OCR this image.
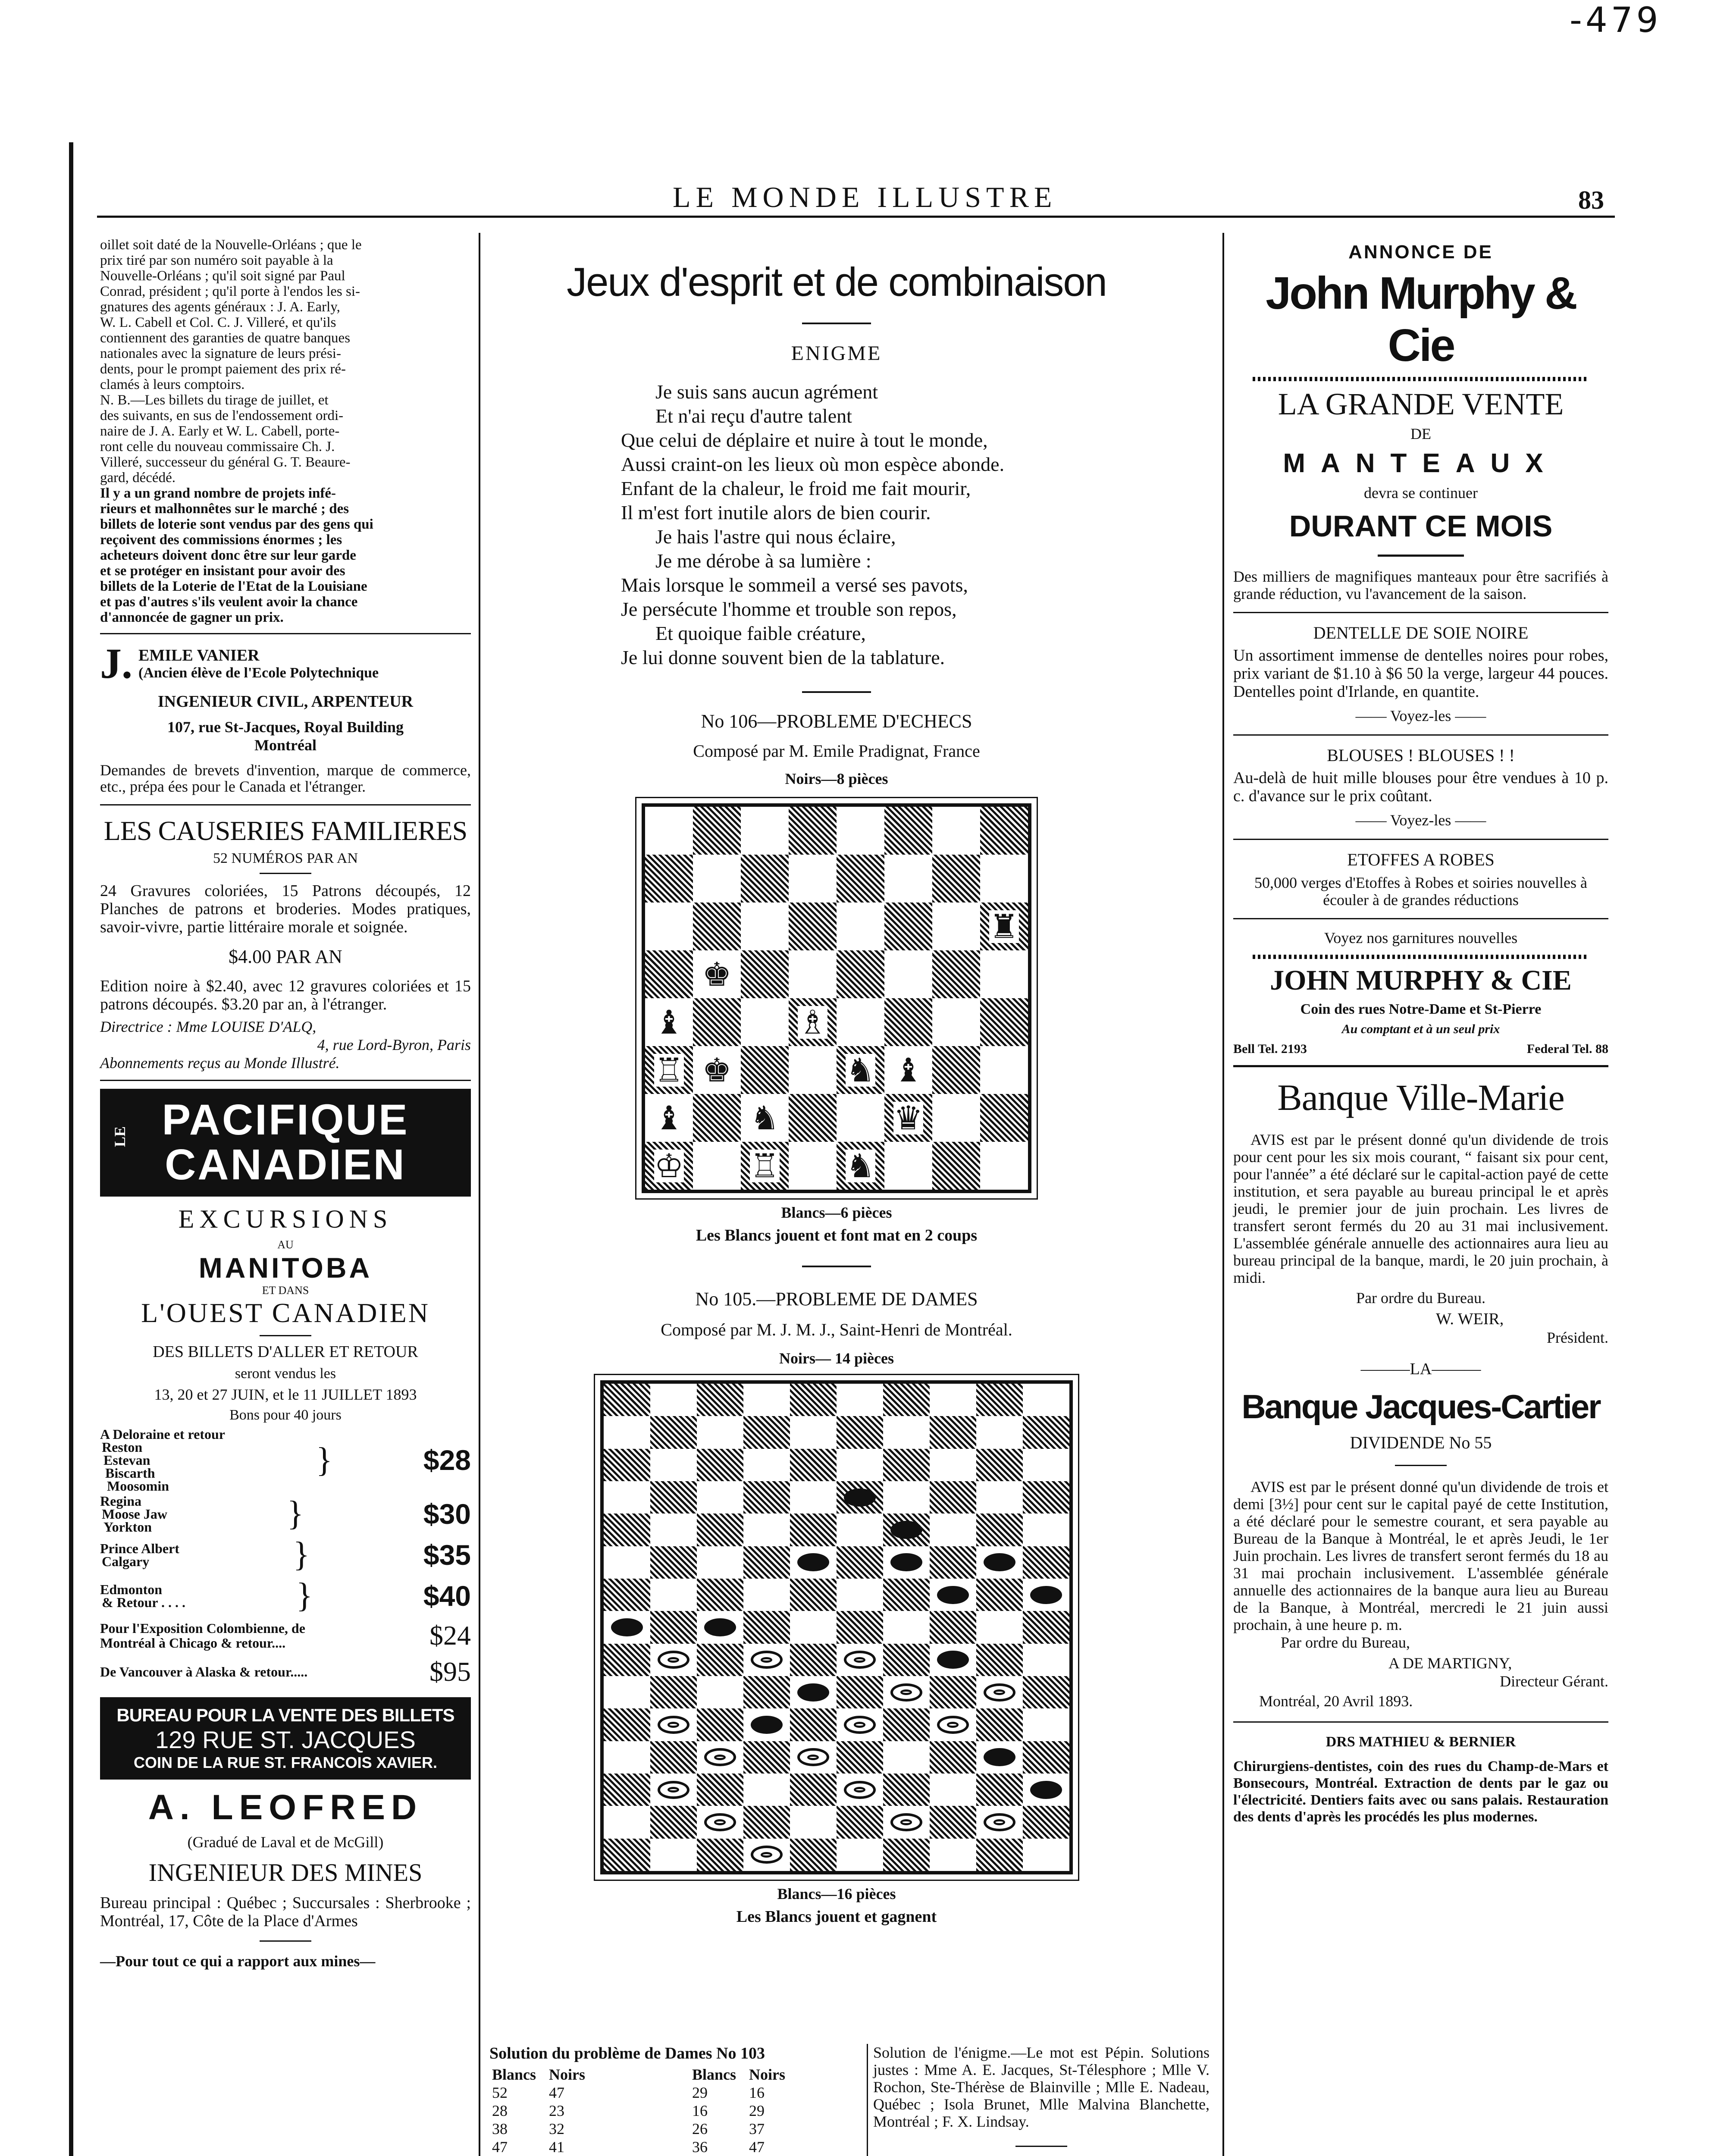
-479
LE MONDE ILLUSTRE	83
oillet soit daté de la Nouvelle-Orléans ; que le
prix tiré par son numéro soit payable à la
Nouvelle-Orléans ; qu'il soit signé par Paul
Conrad, président ; qu'il porte à l'endos les si-
gnatures des agents généraux : J. A. Early,
W. L. Cabell et Col. C. J. Villeré, et qu'ils
contiennent des garanties de quatre banques
nationales avec la signature de leurs prési-
dents, pour le prompt paiement des prix ré-
clamés à leurs comptoirs.
N. B.—Les billets du tirage de juillet, et
des suivants, en sus de l'endossement ordi-
naire de J. A. Early et W. L. Cabell, porte-
ront celle du nouveau commissaire Ch. J.
Villeré, successeur du général G. T. Beaure-
gard, décédé.
Il y a un grand nombre de projets infé-
rieurs et malhonnêtes sur le marché ; des
billets de loterie sont vendus par des gens qui
reçoivent des commissions énormes ; les
acheteurs doivent donc être sur leur garde
et se protéger en insistant pour avoir des
billets de la Loterie de l'Etat de la Louisiane
et pas d'autres s'ils veulent avoir la chance
d'annoncée de gagner un prix.
J. EMILE VANIER
(Ancien élève de l'Ecole Polytechnique
INGENIEUR CIVIL, ARPENTEUR
107, rue St-Jacques, Royal Building
Montréal
Demandes de brevets d'invention, marque de commerce, etc., prépa ées pour le Canada et l'étranger.
LES CAUSERIES FAMILIERES
52 NUMÉROS PAR AN
24 Gravures coloriées, 15 Patrons découpés, 12 Planches de patrons et broderies. Modes pratiques, savoir-vivre, partie littéraire morale et soignée.
$4.00 PAR AN
Edition noire à $2.40, avec 12 gravures coloriées et 15 patrons découpés. $3.20 par an, à l'étranger.
Directrice : Mme LOUISE D'ALQ,
4, rue Lord-Byron, Paris
Abonnements reçus au Monde Illustré.
LE PACIFIQUE
CANADIEN
EXCURSIONS
AU
MANITOBA
ET DANS
L'OUEST CANADIEN
DES BILLETS D'ALLER ET RETOUR
seront vendus les
13, 20 et 27 JUIN, et le 11 JUILLET 1893
Bons pour 40 jours
A Deloraine et retour
Reston
Estevan
Biscarth
Moosomin
}	$28
Regina
Moose Jaw
Yorkton	}	$30
Prince Albert
Calgary	}	$35
Edmonton
& Retour . . . .	}	$40
Pour l'Exposition Colombienne, de Montréal à Chicago & retour....	$24
De Vancouver à Alaska & retour.....	$95
BUREAU POUR LA VENTE DES BILLETS
129 RUE ST. JACQUES
COIN DE LA RUE ST. FRANCOIS XAVIER.
A. LEOFRED
(Gradué de Laval et de McGill)
INGENIEUR DES MINES
Bureau principal : Québec ; Succursales : Sherbrooke ; Montréal, 17, Côte de la Place d'Armes
—Pour tout ce qui a rapport aux mines—
Jeux d'esprit et de combinaison
ENIGME
Je suis sans aucun agrément
Et n'ai reçu d'autre talent
Que celui de déplaire et nuire à tout le monde,
Aussi craint-on les lieux où mon espèce abonde.
Enfant de la chaleur, le froid me fait mourir,
Il m'est fort inutile alors de bien courir.
Je hais l'astre qui nous éclaire,
Je me dérobe à sa lumière :
Mais lorsque le sommeil a versé ses pavots,
Je persécute l'homme et trouble son repos,
Et quoique faible créature,
Je lui donne souvent bien de la tablature.
No 106—PROBLEME D'ECHECS
Composé par M. Emile Pradignat, France
Noirs—8 pièces
♜
♚
♝	♗
♖ ♚	♞ ♝
♝ ♞	♛
♔ ♖ ♞
Blancs—6 pièces
Les Blancs jouent et font mat en 2 coups
No 105.—PROBLEME DE DAMES
Composé par M. J. M. J., Saint-Henri de Montréal.
Noirs— 14 pièces
Blancs—16 pièces
Les Blancs jouent et gagnent
Solution du problème de Dames No 103
Blancs	Noirs	Blancs	Noirs
52	47	29	16
28	23	16	29
38	32	26	37
47	41	36	47

Solution de l'énigme.—Le mot est Pépin. Solutions justes : Mme A. E. Jacques, St-Télesphore ; Mlle V. Rochon, Ste-Thérèse de Blainville ; Mlle E. Nadeau, Québec ; Isola Brunet, Mlle Malvina Blanchette, Montréal ; F. X. Lindsay.

ANNONCE DE
John Murphy & Cie
LA GRANDE VENTE
DE
MANTEAUX
devra se continuer
DURANT CE MOIS
Des milliers de magnifiques manteaux pour être sacrifiés à grande réduction, vu l'avancement de la saison.
DENTELLE DE SOIE NOIRE
Un assortiment immense de dentelles noires pour robes, prix variant de $1.10 à $6 50 la verge, largeur 44 pouces. Dentelles point d'Irlande, en quantite.
—— Voyez-les ——
BLOUSES ! BLOUSES ! !
Au-delà de huit mille blouses pour être vendues à 10 p. c. d'avance sur le prix coûtant.
—— Voyez-les ——
ETOFFES A ROBES
50,000 verges d'Etoffes à Robes et soiries nouvelles à écouler à de grandes réductions
Voyez nos garnitures nouvelles
JOHN MURPHY & CIE
Coin des rues Notre-Dame et St-Pierre
Au comptant et à un seul prix
Bell Tel. 2193	Federal Tel. 88
Banque Ville-Marie
AVIS est par le présent donné qu'un dividende de trois pour cent pour les six mois courant, “ faisant six pour cent, pour l'année” a été déclaré sur le capital-action payé de cette institution, et sera payable au bureau principal le et après jeudi, le premier jour de juin prochain. Les livres de transfert seront fermés du 20 au 31 mai inclusivement. L'assemblée générale annuelle des actionnaires aura lieu au bureau principal de la banque, mardi, le 20 juin prochain, à midi.
Par ordre du Bureau.
W. WEIR,
Président.
———LA———
Banque Jacques-Cartier
DIVIDENDE No 55
AVIS est par le présent donné qu'un dividende de trois et demi [3½] pour cent sur le capital payé de cette Institution, a été déclaré pour le semestre courant, et sera payable au Bureau de la Banque à Montréal, le et après Jeudi, le 1er Juin prochain. Les livres de transfert seront fermés du 18 au 31 mai prochain inclusivement. L'assemblée générale annuelle des actionnaires de la banque aura lieu au Bureau de la Banque, à Montréal, mercredi le 21 juin aussi prochain, à une heure p. m.
Par ordre du Bureau,
A DE MARTIGNY,
Directeur Gérant.
Montréal, 20 Avril 1893.
DRS MATHIEU & BERNIER
Chirurgiens-dentistes, coin des rues du Champ-de-Mars et Bonsecours, Montréal. Extraction de dents par le gaz ou l'électricité. Dentiers faits avec ou sans palais. Restauration des dents d'après les procédés les plus modernes.
